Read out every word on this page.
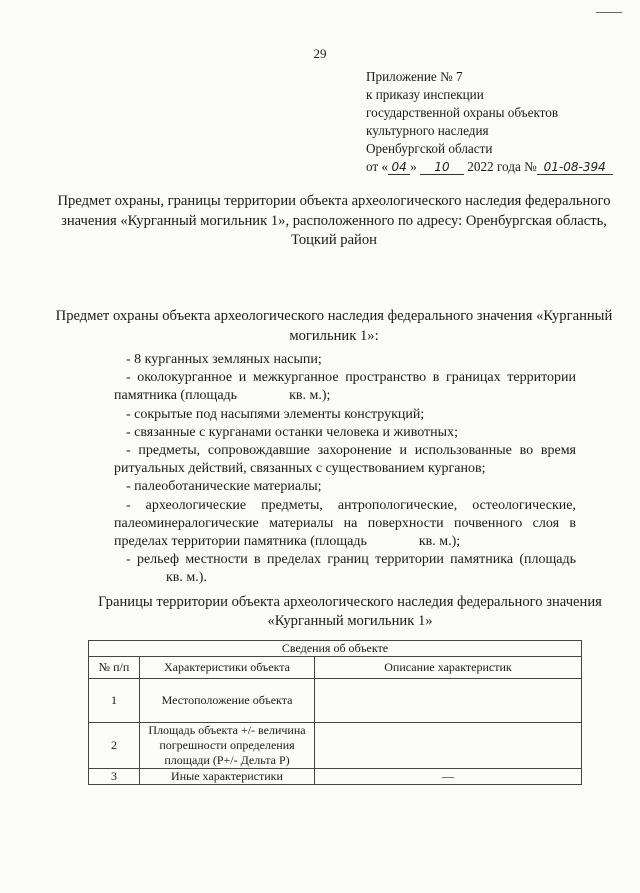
29
Приложение № 7
к приказу инспекции
государственной охраны объектов
культурного наследия
Оренбургской области
от « 04 » 10 2022 года № 01-08-394
Предмет охраны, границы территории объекта археологического наследия федерального значения «Курганный могильник 1», расположенного по адресу: Оренбургская область, Тоцкий район
Предмет охраны объекта археологического наследия федерального значения «Курганный могильник 1»:

- 8 курганных земляных насыпи;

- околокурганное и межкурганное пространство в границах территории памятника (площадь	кв. м.);

- сокрытые под насыпями элементы конструкций;

- связанные с курганами останки человека и животных;

- предметы, сопровождавшие захоронение и использованные во время ритуальных действий, связанных с существованием курганов;

- палеоботанические материалы;

- археологические предметы, антропологические, остеологические, палеоминералогические материалы на поверхности почвенного слоя в пределах территории памятника (площадь	кв. м.);

- рельеф местности в пределах границ территории памятника (площадькв. м.).

Границы территории объекта археологического наследия федерального значения «Курганный могильник 1»
Сведения об объекте		
№ п/п	Характеристики объекта	Описание характеристик
1	Местоположение объекта	
2	Площадь объекта +/- величина погрешности определения площади (Р+/- Дельта Р)	
3	Иные характеристики	—
